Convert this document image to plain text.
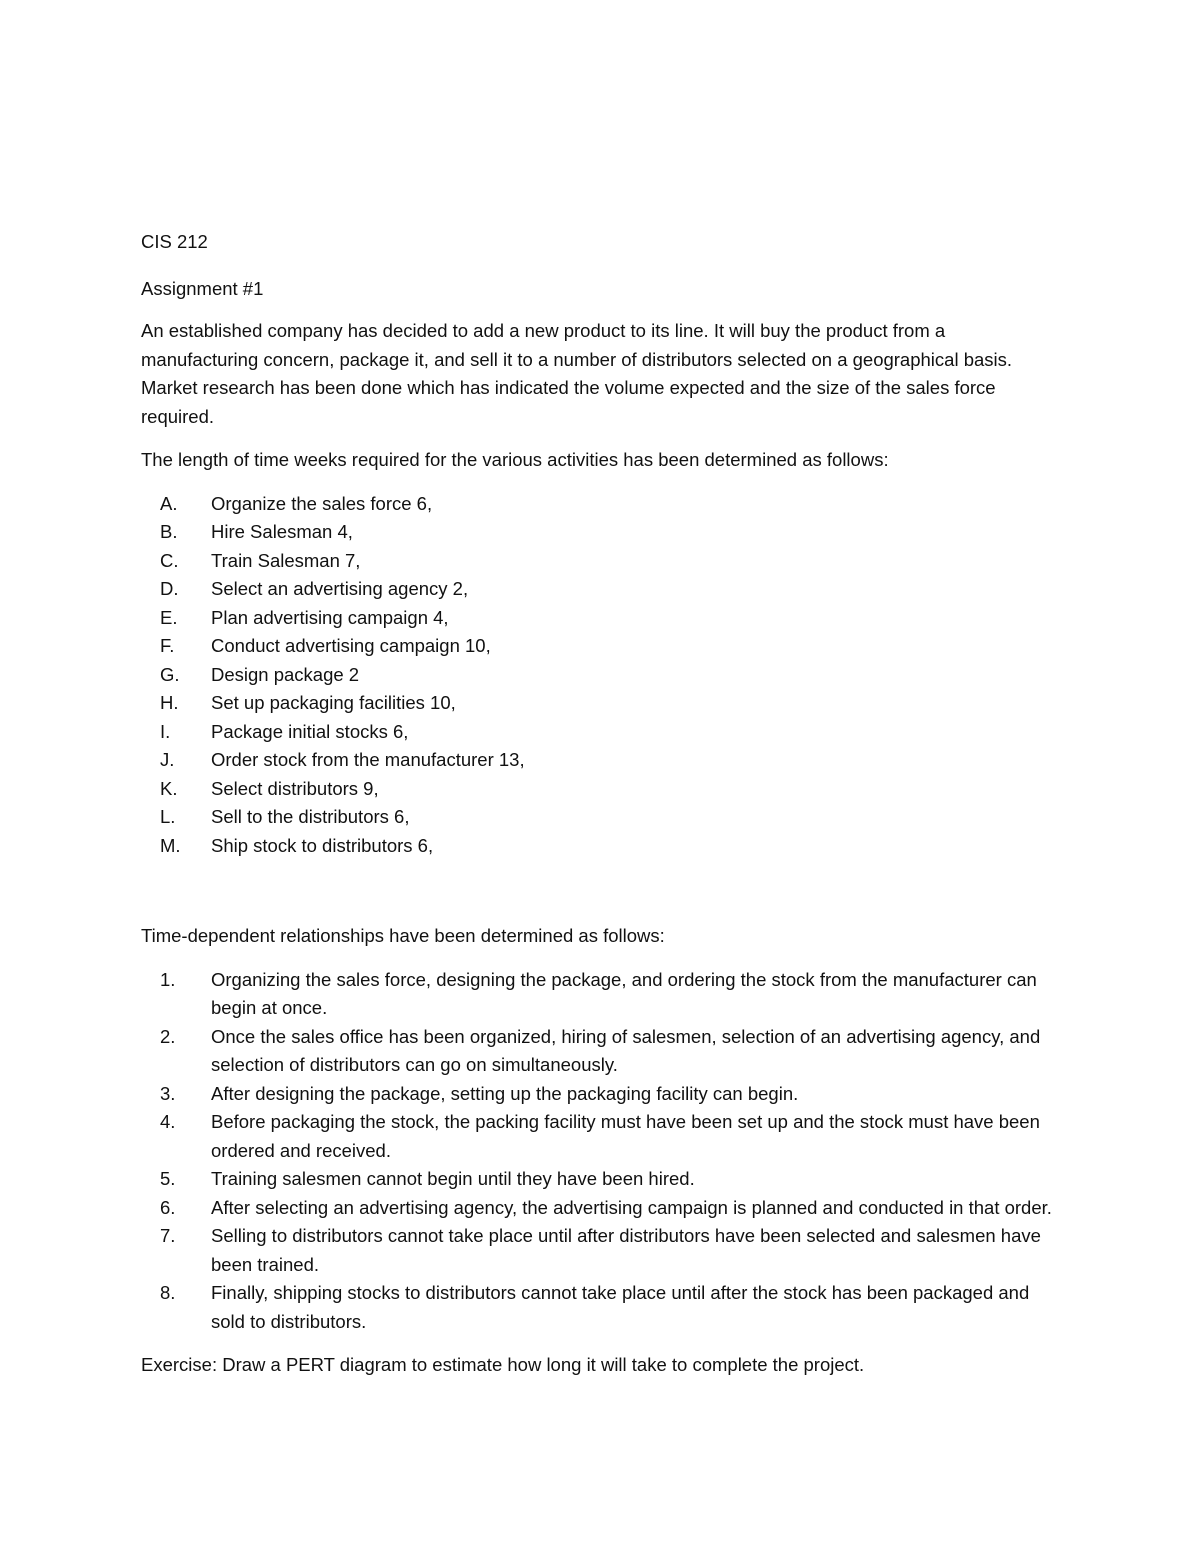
CIS 212

Assignment #1

An established company has decided to add a new product to its line. It will buy the product from a manufacturing concern, package it, and sell it to a number of distributors selected on a geographical basis. Market research has been done which has indicated the volume expected and the size of the sales force required.

The length of time weeks required for the various activities has been determined as follows:

A. Organize the sales force 6,
B. Hire Salesman 4,
C. Train Salesman 7,
D. Select an advertising agency 2,
E. Plan advertising campaign 4,
F. Conduct advertising campaign 10,
G. Design package 2
H. Set up packaging facilities 10,
I. Package initial stocks 6,
J. Order stock from the manufacturer 13,
K. Select distributors 9,
L. Sell to the distributors 6,
M. Ship stock to distributors 6,

Time-dependent relationships have been determined as follows:

1. Organizing the sales force, designing the package, and ordering the stock from the manufacturer can begin at once.
2. Once the sales office has been organized, hiring of salesmen, selection of an advertising agency, and selection of distributors can go on simultaneously.
3. After designing the package, setting up the packaging facility can begin.
4. Before packaging the stock, the packing facility must have been set up and the stock must have been ordered and received.
5. Training salesmen cannot begin until they have been hired.
6. After selecting an advertising agency, the advertising campaign is planned and conducted in that order.
7. Selling to distributors cannot take place until after distributors have been selected and salesmen have been trained.
8. Finally, shipping stocks to distributors cannot take place until after the stock has been packaged and sold to distributors.

Exercise: Draw a PERT diagram to estimate how long it will take to complete the project.
